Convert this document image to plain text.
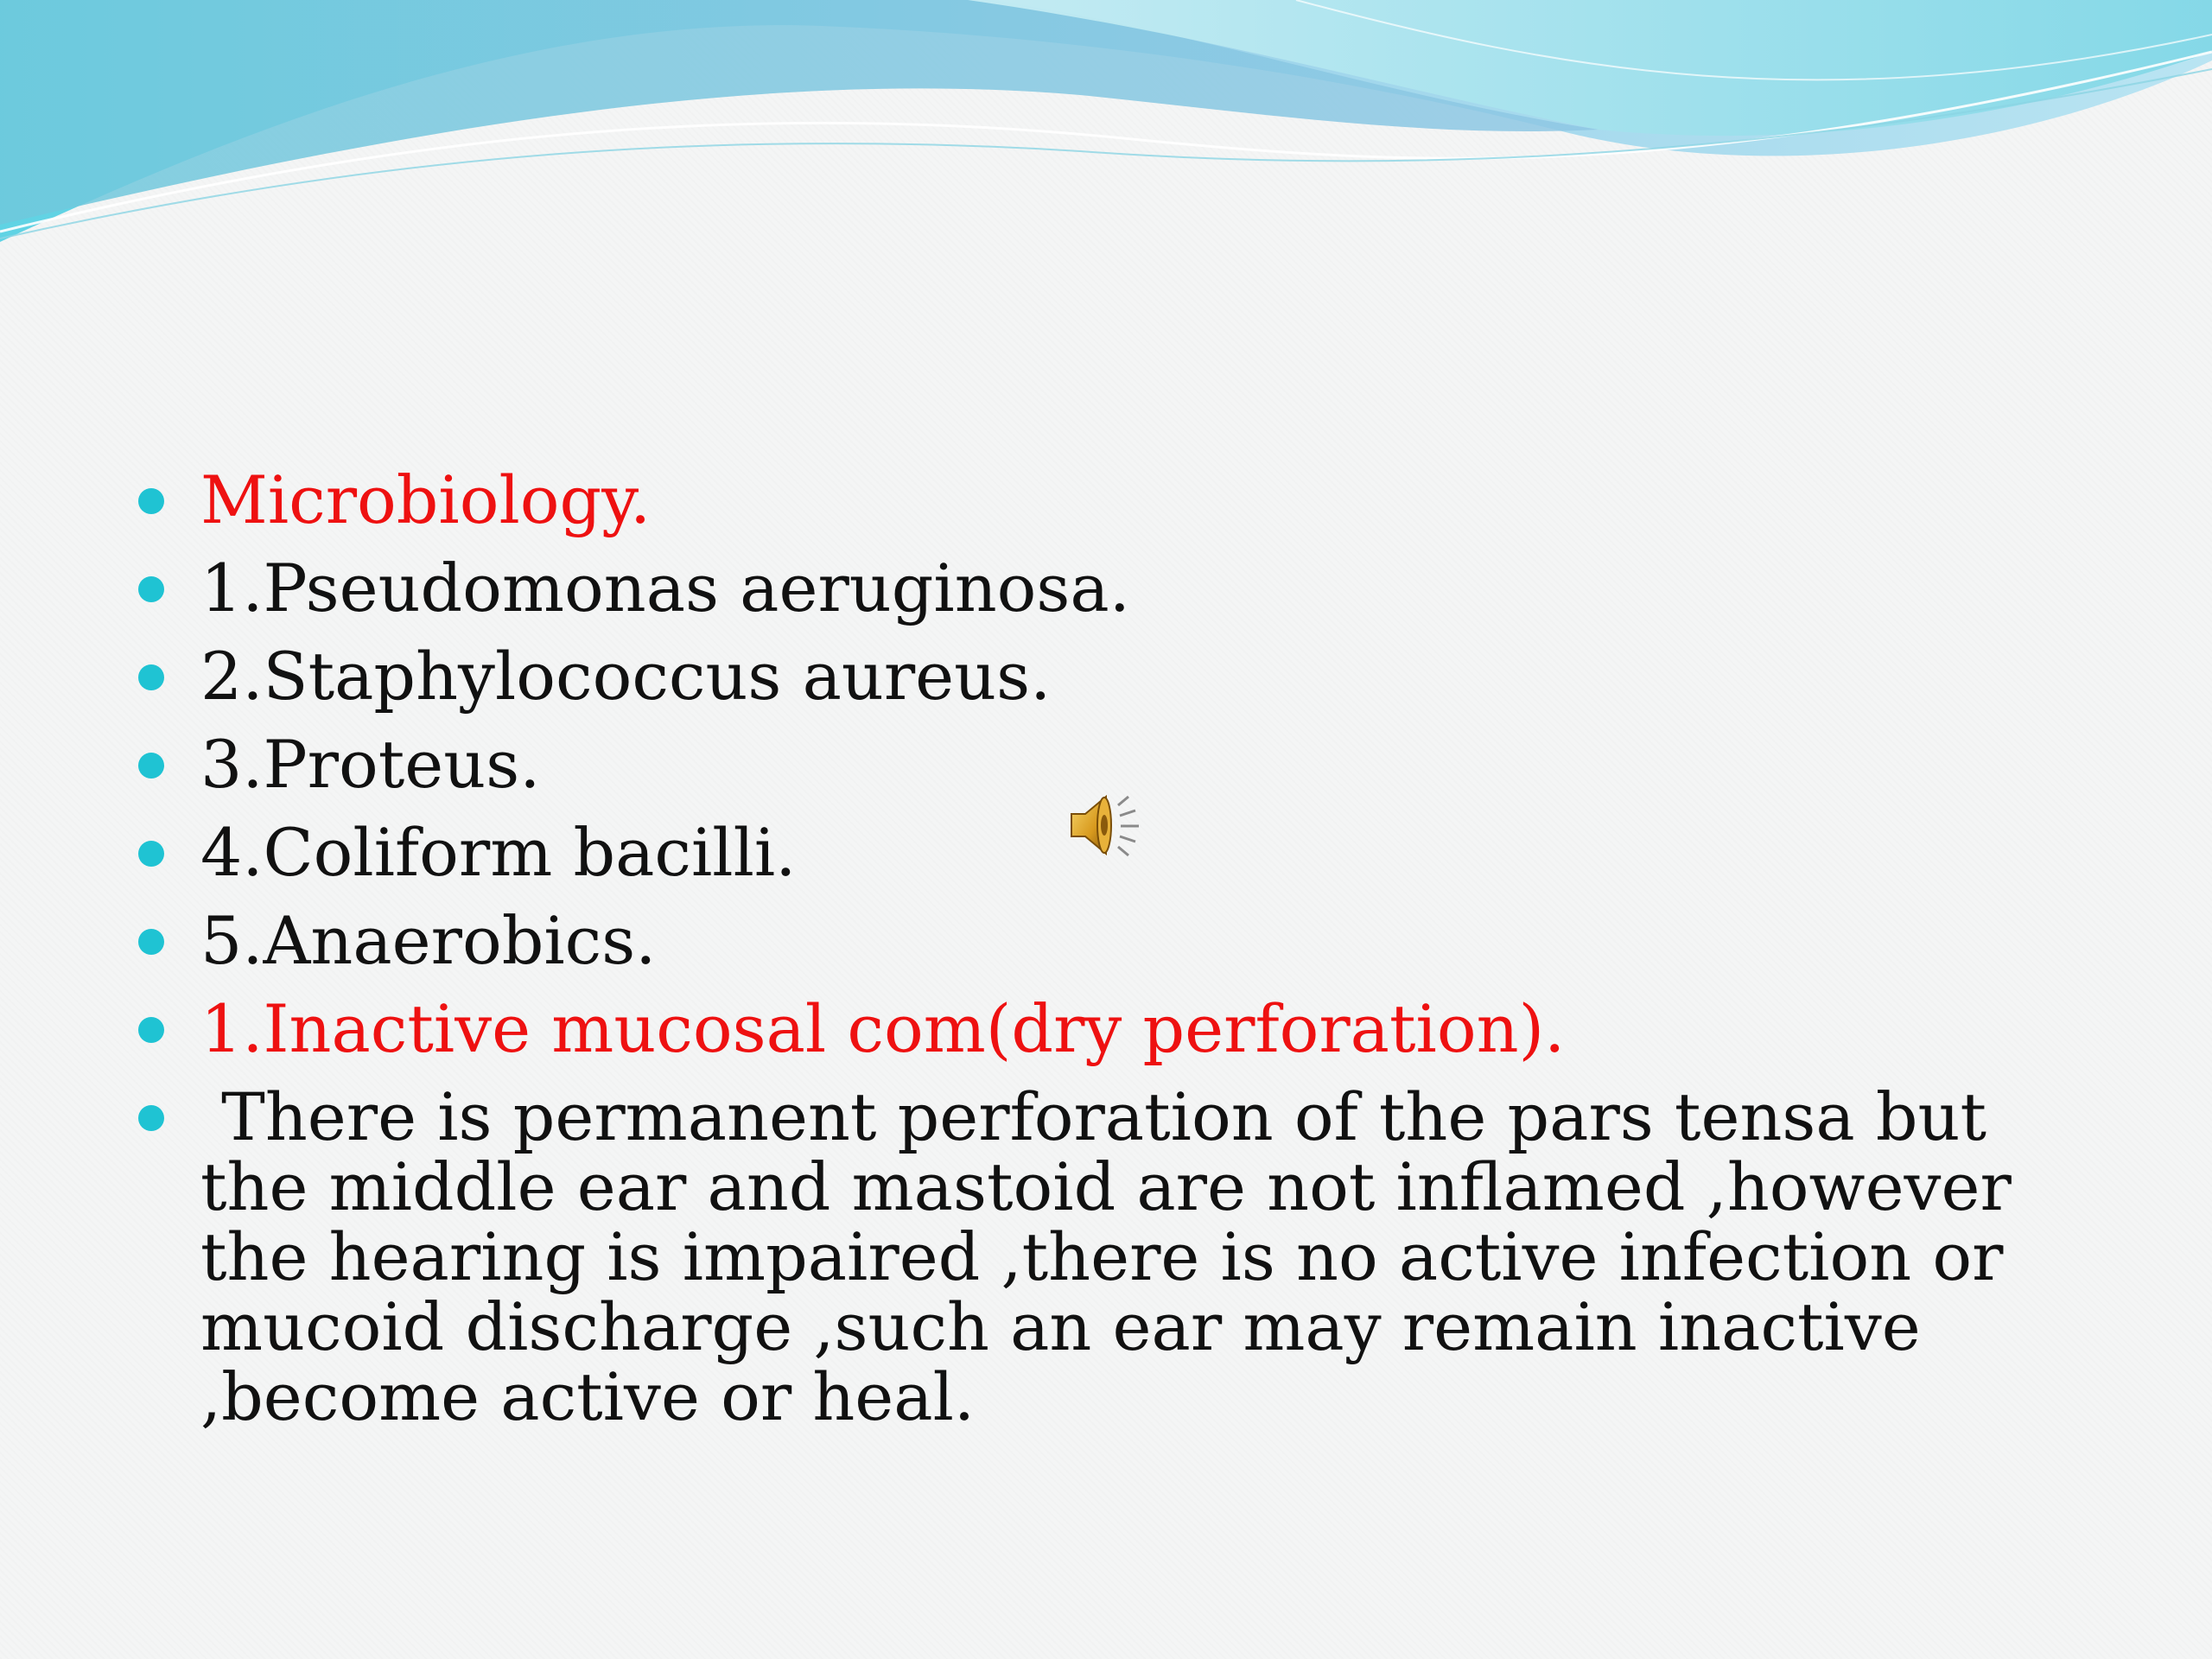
Microbiology.
1.Pseudomonas aeruginosa.
2.Staphylococcus aureus.
3.Proteus.
4.Coliform bacilli.
5.Anaerobics.
1.Inactive mucosal com(dry perforation).
There is permanent perforation of the pars tensa but the middle ear and mastoid are not inflamed ,however the hearing is impaired ,there is no active infection or mucoid discharge ,such an ear may remain inactive ,become active or heal.
